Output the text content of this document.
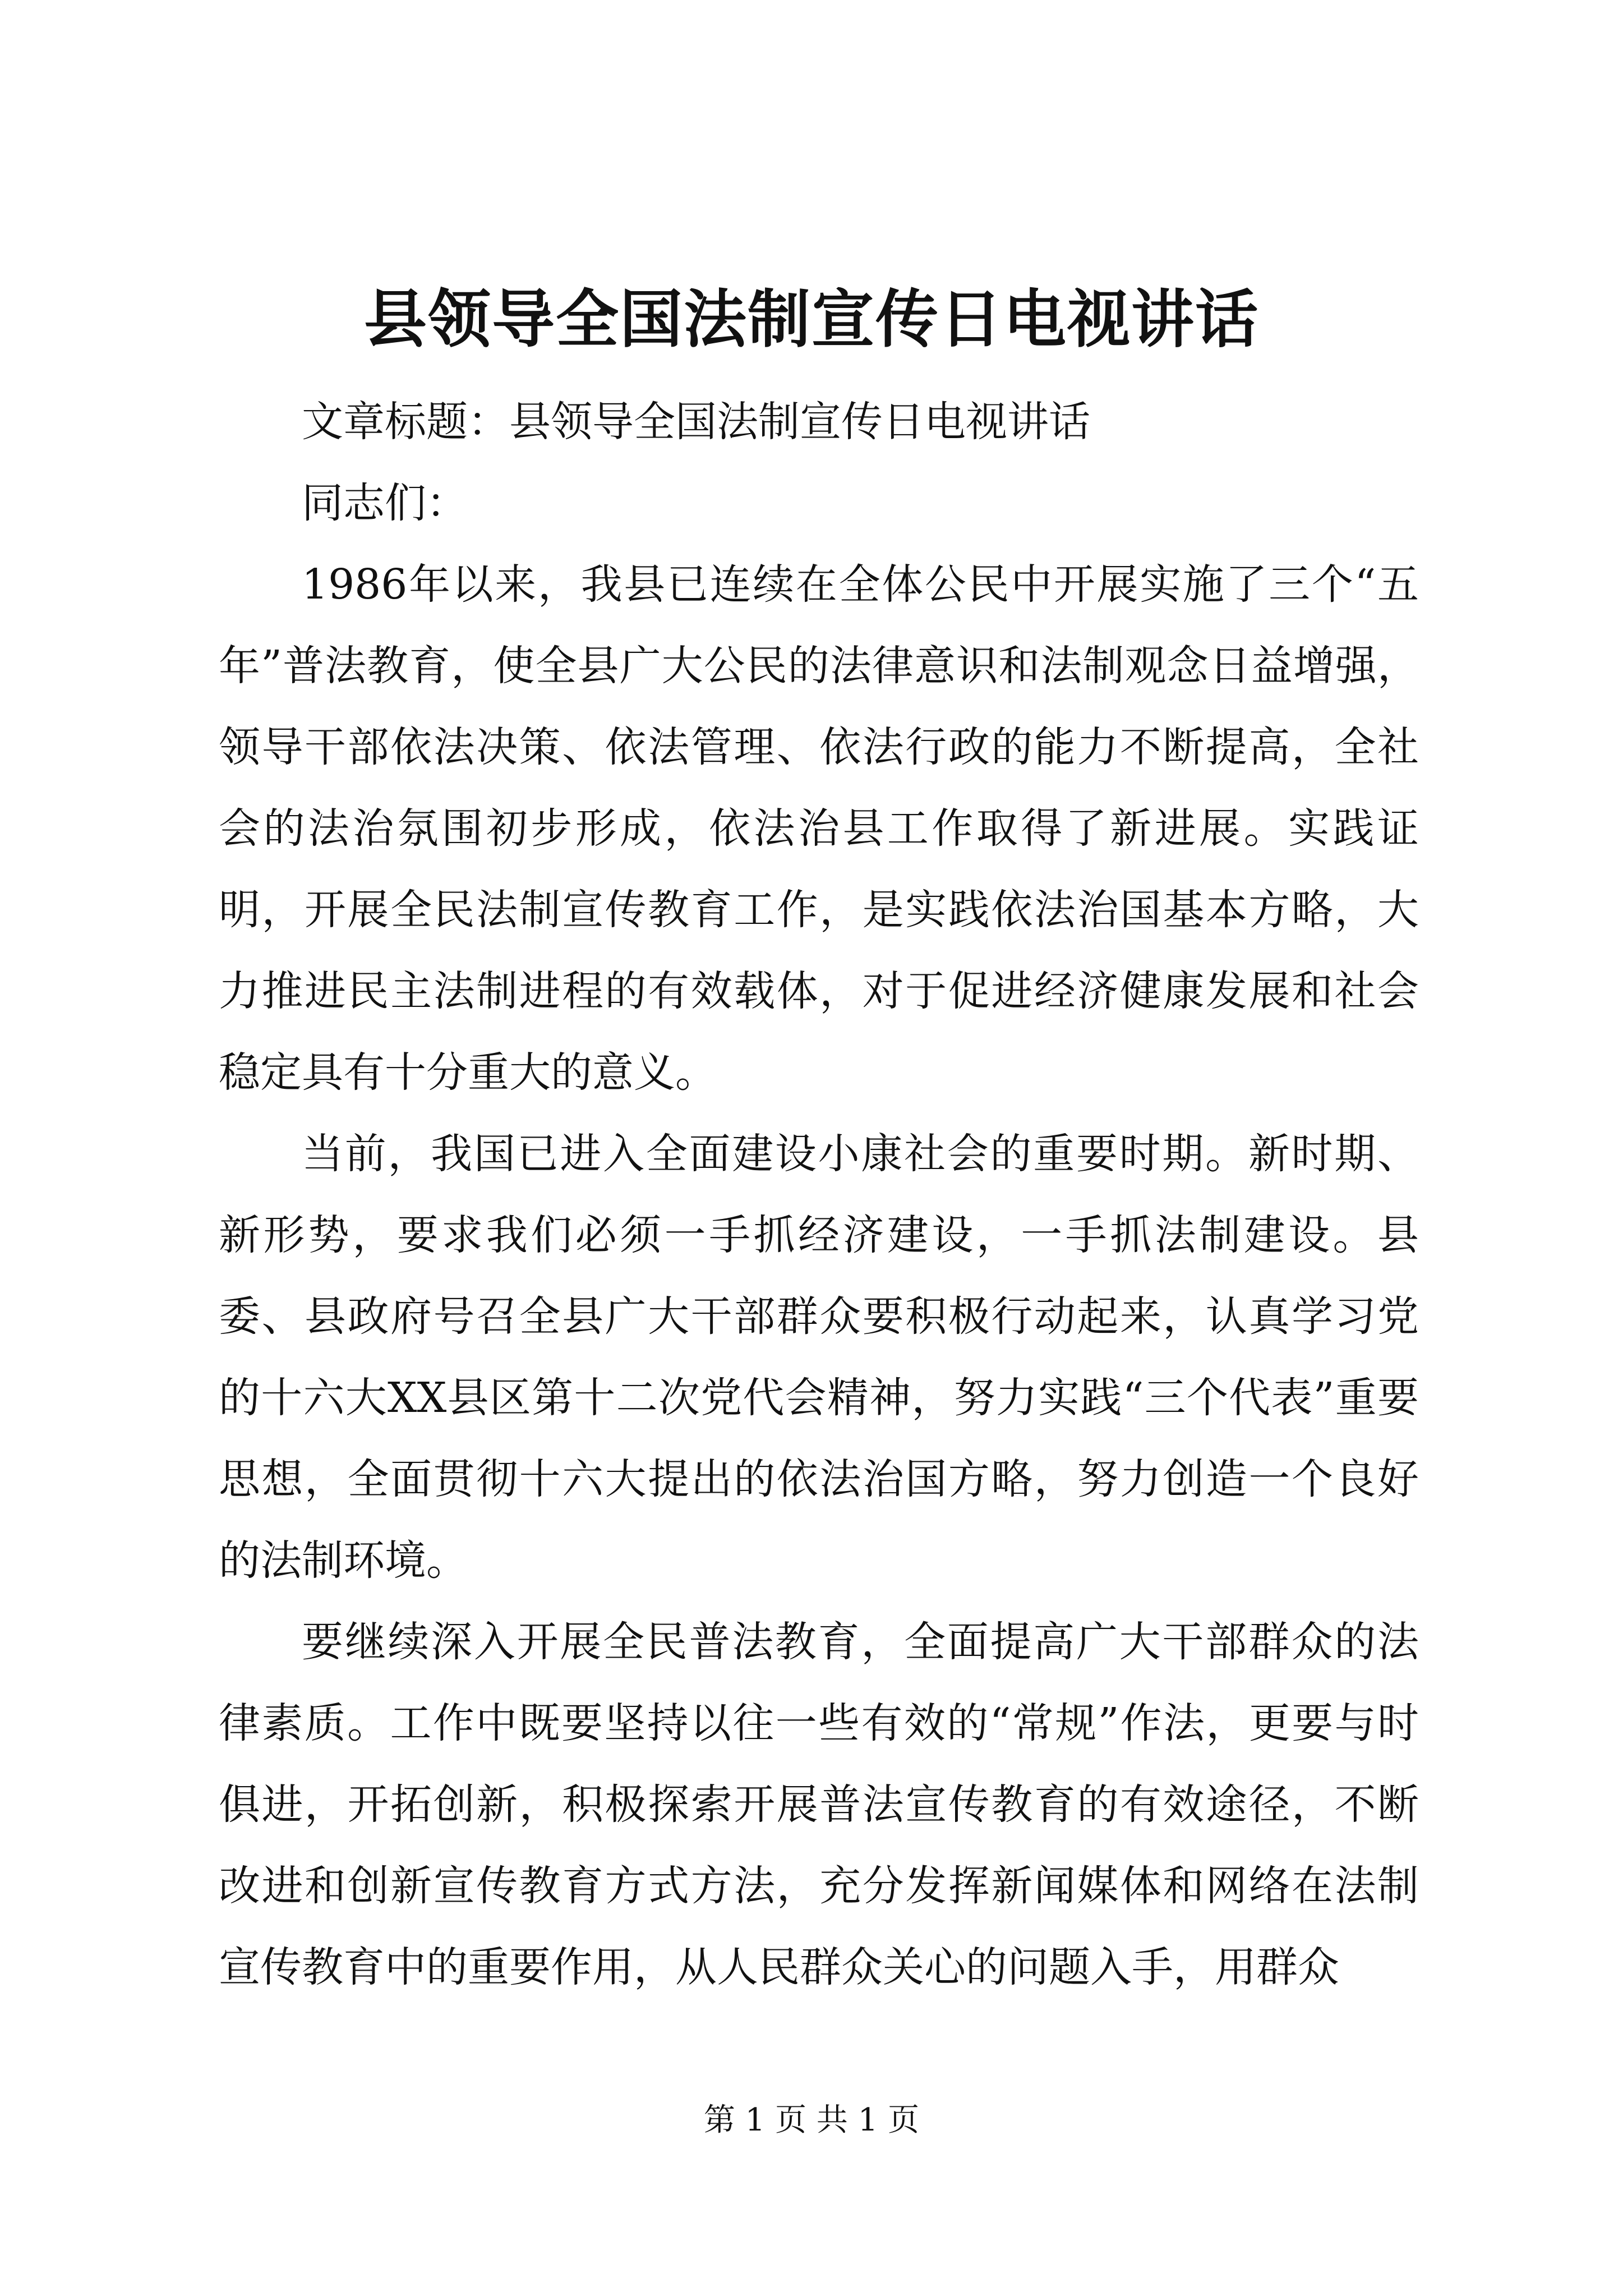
县领导全国法制宣传日电视讲话

文章标题：县领导全国法制宣传日电视讲话

同志们：

1986年以来，我县已连续在全体公民中开展实施了三个“五年”普法教育，使全县广大公民的法律意识和法制观念日益增强，领导干部依法决策、依法管理、依法行政的能力不断提高，全社会的法治氛围初步形成，依法治县工作取得了新进展。实践证明，开展全民法制宣传教育工作，是实践依法治国基本方略，大力推进民主法制进程的有效载体，对于促进经济健康发展和社会稳定具有十分重大的意义。

当前，我国已进入全面建设小康社会的重要时期。新时期、新形势，要求我们必须一手抓经济建设，一手抓法制建设。县委、县政府号召全县广大干部群众要积极行动起来，认真学习党的十六大XX县区第十二次党代会精神，努力实践“三个代表”重要思想，全面贯彻十六大提出的依法治国方略，努力创造一个良好的法制环境。

要继续深入开展全民普法教育，全面提高广大干部群众的法律素质。工作中既要坚持以往一些有效的“常规”作法，更要与时俱进，开拓创新，积极探索开展普法宣传教育的有效途径，不断改进和创新宣传教育方式方法，充分发挥新闻媒体和网络在法制宣传教育中的重要作用，从人民群众关心的问题入手，用群众

第 1 页 共 1 页
